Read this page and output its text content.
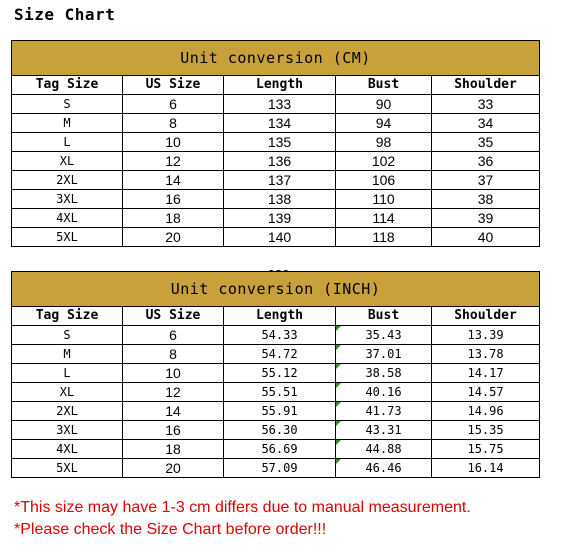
Size Chart
Unit conversion (CM)				
Tag Size	US Size	Length	Bust	Shoulder
S	6	133	90	33
M	8	134	94	34
L	10	135	98	35
XL	12	136	102	36
2XL	14	137	106	37
3XL	16	138	110	38
4XL	18	139	114	39
5XL	20	140	118	40
Unit conversion (INCH)				
Tag Size	US Size	Length	Bust	Shoulder
S	6	54.33	35.43	13.39
M	8	54.72	37.01	13.78
L	10	55.12	38.58	14.17
XL	12	55.51	40.16	14.57
2XL	14	55.91	41.73	14.96
3XL	16	56.30	43.31	15.35
4XL	18	56.69	44.88	15.75
5XL	20	57.09	46.46	16.14
*This size may have 1-3 cm differs due to manual measurement.
*Please check the Size Chart before order!!!
